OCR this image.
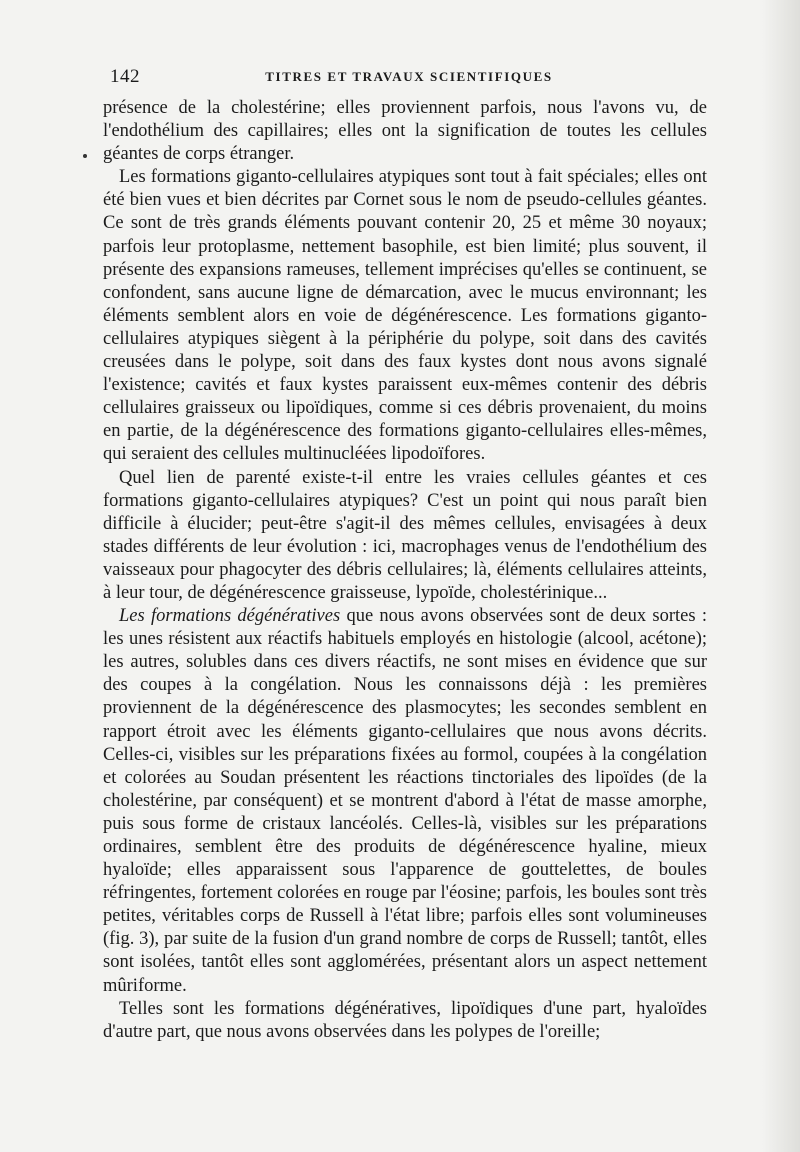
142	TITRES ET TRAVAUX SCIENTIFIQUES

présence de la cholestérine; elles proviennent parfois, nous l'avons vu, de l'endothélium des capillaires; elles ont la signification de toutes les cellules géantes de corps étranger.

Les formations giganto-cellulaires atypiques sont tout à fait spéciales; elles ont été bien vues et bien décrites par Cornet sous le nom de pseudo-cellules géantes. Ce sont de très grands éléments pouvant contenir 20, 25 et même 30 noyaux; parfois leur protoplasme, nettement basophile, est bien limité; plus souvent, il présente des expansions rameuses, tellement imprécises qu'elles se continuent, se confondent, sans aucune ligne de démarcation, avec le mucus environnant; les éléments semblent alors en voie de dégénérescence. Les formations giganto-cellulaires atypiques siègent à la périphérie du polype, soit dans des cavités creusées dans le polype, soit dans des faux kystes dont nous avons signalé l'existence; cavités et faux kystes paraissent eux-mêmes contenir des débris cellulaires graisseux ou lipoïdiques, comme si ces débris provenaient, du moins en partie, de la dégénérescence des formations giganto-cellulaires elles-mêmes, qui seraient des cellules multinucléées lipodoïfores.

Quel lien de parenté existe-t-il entre les vraies cellules géantes et ces formations giganto-cellulaires atypiques? C'est un point qui nous paraît bien difficile à élucider; peut-être s'agit-il des mêmes cellules, envisagées à deux stades différents de leur évolution : ici, macrophages venus de l'endothélium des vaisseaux pour phagocyter des débris cellulaires; là, éléments cellulaires atteints, à leur tour, de dégénérescence graisseuse, lypoïde, cholestérinique...

Les formations dégénératives que nous avons observées sont de deux sortes : les unes résistent aux réactifs habituels employés en histologie (alcool, acétone); les autres, solubles dans ces divers réactifs, ne sont mises en évidence que sur des coupes à la congélation. Nous les connaissons déjà : les premières proviennent de la dégénérescence des plasmocytes; les secondes semblent en rapport étroit avec les éléments giganto-cellulaires que nous avons décrits. Celles-ci, visibles sur les préparations fixées au formol, coupées à la congélation et colorées au Soudan présentent les réactions tinctoriales des lipoïdes (de la cholestérine, par conséquent) et se montrent d'abord à l'état de masse amorphe, puis sous forme de cristaux lancéolés. Celles-là, visibles sur les préparations ordinaires, semblent être des produits de dégénérescence hyaline, mieux hyaloïde; elles apparaissent sous l'apparence de gouttelettes, de boules réfringentes, fortement colorées en rouge par l'éosine; parfois, les boules sont très petites, véritables corps de Russell à l'état libre; parfois elles sont volumineuses (fig. 3), par suite de la fusion d'un grand nombre de corps de Russell; tantôt, elles sont isolées, tantôt elles sont agglomérées, présentant alors un aspect nettement mûriforme.

Telles sont les formations dégénératives, lipoïdiques d'une part, hyaloïdes d'autre part, que nous avons observées dans les polypes de l'oreille;
